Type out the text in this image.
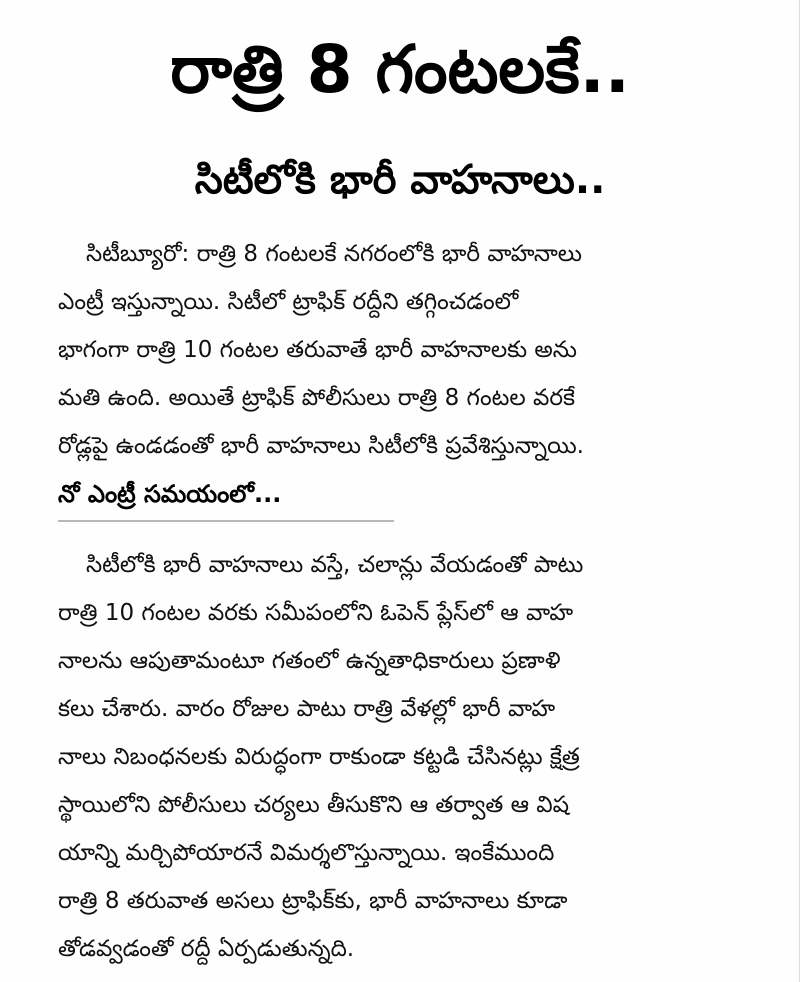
రాత్రి 8 గంటలకే..
సిటీలోకి భారీ వాహనాలు..
సిటీబ్యూరో: రాత్రి 8 గంటలకే నగరంలోకి భారీ వాహనాలు
ఎంట్రీ ఇస్తున్నాయి. సిటీలో ట్రాఫిక్ రద్దీని తగ్గించడంలో
భాగంగా రాత్రి 10 గంటల తరువాతే భారీ వాహనాలకు అను
మతి ఉంది. అయితే ట్రాఫిక్ పోలీసులు రాత్రి 8 గంటల వరకే
రోడ్లపై ఉండడంతో భారీ వాహనాలు సిటీలోకి ప్రవేశిస్తున్నాయి.
నో ఎంట్రీ సమయంలో...
సిటీలోకి భారీ వాహనాలు వస్తే, చలాన్లు వేయడంతో పాటు
రాత్రి 10 గంటల వరకు సమీపంలోని ఓపెన్ ప్లేస్‌లో ఆ వాహ
నాలను ఆపుతామంటూ గతంలో ఉన్నతాధికారులు ప్రణాళి
కలు చేశారు. వారం రోజుల పాటు రాత్రి వేళల్లో భారీ వాహ
నాలు నిబంధనలకు విరుద్ధంగా రాకుండా కట్టడి చేసినట్లు క్షేత్ర
స్థాయిలోని పోలీసులు చర్యలు తీసుకొని ఆ తర్వాత ఆ విష
యాన్ని మర్చిపోయారనే విమర్శలొస్తున్నాయి. ఇంకేముంది
రాత్రి 8 తరువాత అసలు ట్రాఫిక్‌కు, భారీ వాహనాలు కూడా
తోడవ్వడంతో రద్దీ ఏర్పడుతున్నది.
